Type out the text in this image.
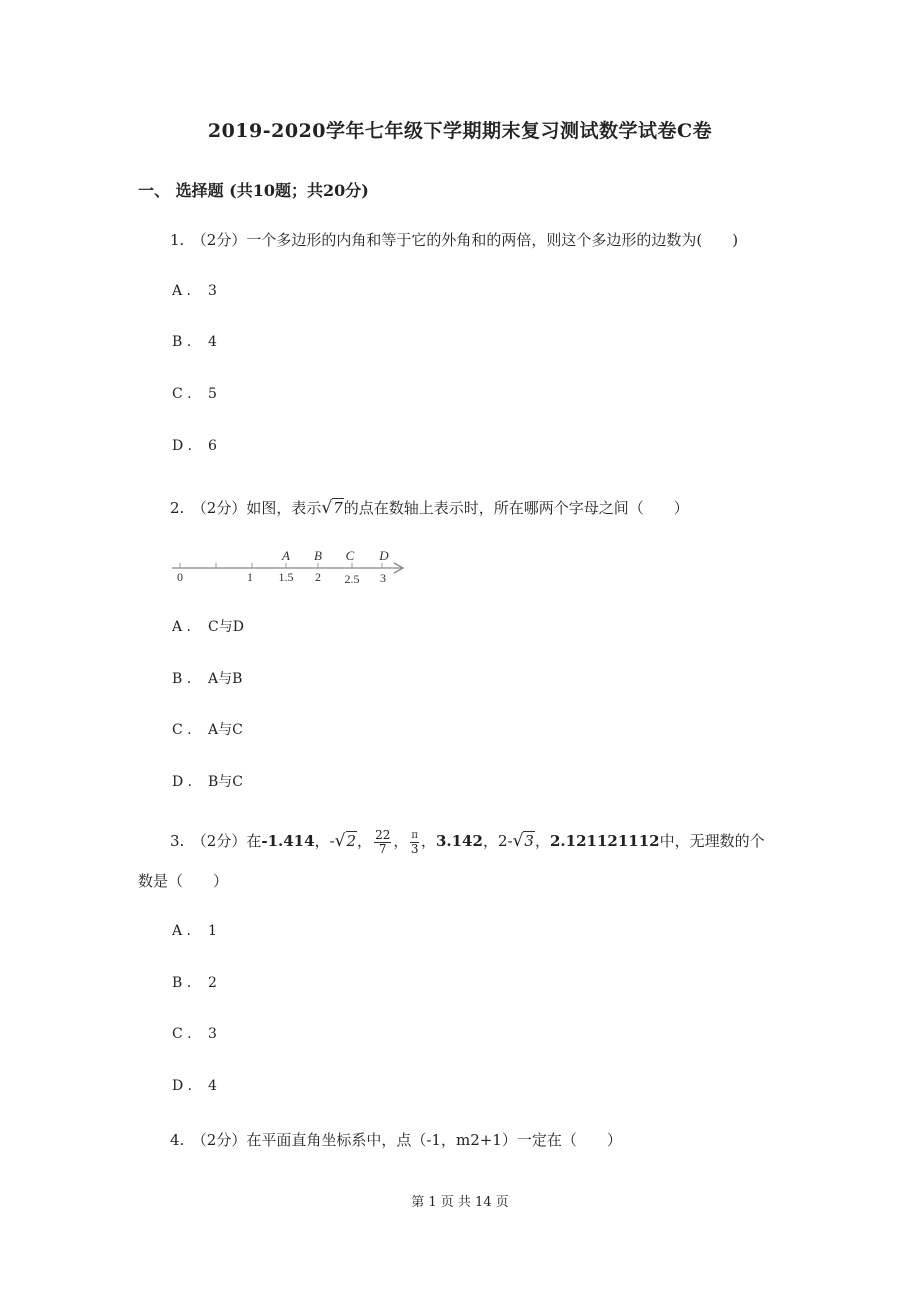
2019-2020学年七年级下学期期末复习测试数学试卷C卷
一、 选择题 (共10题；共20分)
1.　（2分）一个多边形的内角和等于它的外角和的两倍，则这个多边形的边数为(　　)
A . 3
B . 4
C . 5
D . 6
2.　（2分）如图，表示√7的点在数轴上表示时，所在哪两个字母之间（　　）
A B C D
0	1 1.5 2 2.5 3
A . C与D
B . A与B
C . A与C
D . B与C
3.　（2分）在-1.414，-√2， $\frac{22}{7}$ ， $\frac{\pi}{3}$ ，3.142，2-√3，2.121121112中，无理数的个
数是（　　）
A . 1
B . 2
C . 3
D . 4
4.　（2分）在平面直角坐标系中，点（-1，m2+1）一定在（　　）
第 1 页 共 14 页
